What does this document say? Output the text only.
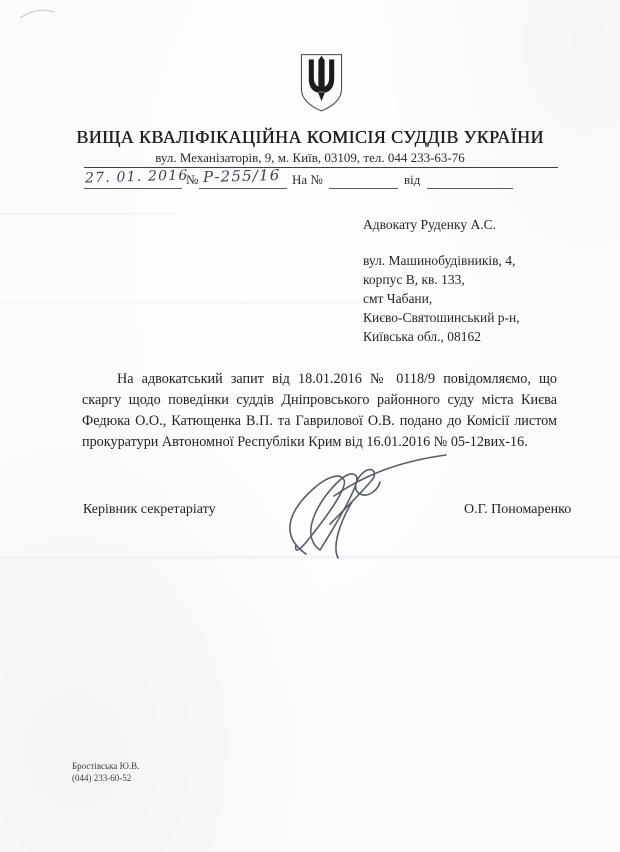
ВИЩА КВАЛІФІКАЦІЙНА КОМІСІЯ СУДДІВ УКРАЇНИ
вул. Механізаторів, 9, м. Київ, 03109, тел. 044 233-63-76
№	На №	від
27. 01. 2016 Р-255/16
Адвокату Руденку А.С.
вул. Машинобудівників, 4,
корпус В, кв. 133,
смт Чабани,
Києво-Святошинський р-н,
Київська обл., 08162
На адвокатський запит від 18.01.2016 № 0118/9 повідомляємо, що скаргу щодо поведінки суддів Дніпровського районного суду міста Києва Федюка О.О., Катющенка В.П. та Гаврилової О.В. подано до Комісії листом прокуратури Автономної Республіки Крим від 16.01.2016 № 05-12вих-16.
Керівник секретаріату	О.Г. Пономаренко
Бростівська Ю.В.
(044) 233-60-52
